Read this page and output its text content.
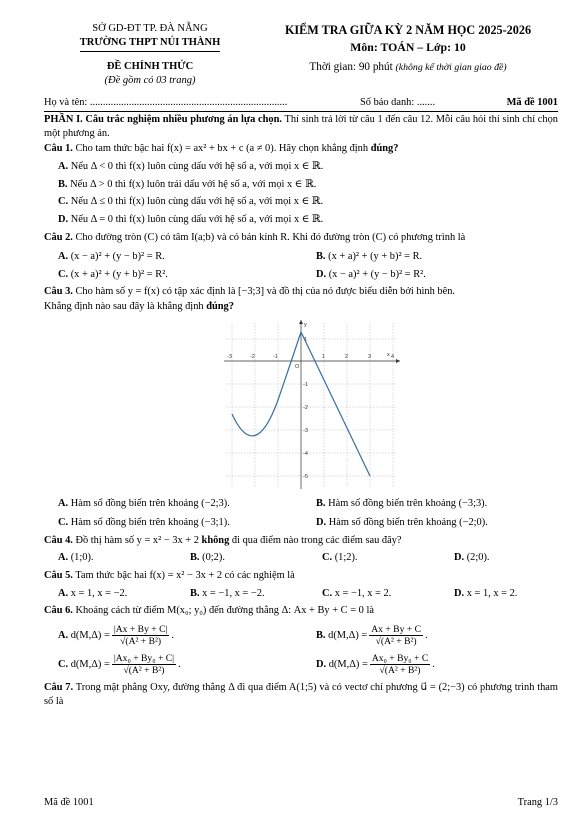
SỞ GD-ĐT TP. ĐÀ NẴNG
TRƯỜNG THPT NÚI THÀNH
ĐỀ CHÍNH THỨC
(Đề gồm có 03 trang)
KIỂM TRA GIỮA KỲ 2 NĂM HỌC 2025-2026
Môn: TOÁN – Lớp: 10
Thời gian: 90 phút (không kể thời gian giao đề)
Họ và tên: ............................................................................	Số báo danh: .......	Mã đề 1001
PHẦN I. Câu trắc nghiệm nhiều phương án lựa chọn. Thí sinh trả lời từ câu 1 đến câu 12. Mỗi câu hỏi thí sinh chỉ chọn một phương án.
Câu 1. Cho tam thức bậc hai f(x) = ax² + bx + c (a ≠ 0). Hãy chọn khẳng định đúng?
A. Nếu Δ < 0 thì f(x) luôn cùng dấu với hệ số a, với mọi x ∈ ℝ.
B. Nếu Δ > 0 thì f(x) luôn trái dấu với hệ số a, với mọi x ∈ ℝ.
C. Nếu Δ ≤ 0 thì f(x) luôn cùng dấu với hệ số a, với mọi x ∈ ℝ.
D. Nếu Δ = 0 thì f(x) luôn cùng dấu với hệ số a, với mọi x ∈ ℝ.
Câu 2. Cho đường tròn (C) có tâm I(a;b) và có bán kính R. Khi đó đường tròn (C) có phương trình là
A. (x − a)² + (y − b)² = R.	B. (x + a)² + (y + b)² = R.
C. (x + a)² + (y + b)² = R².	D. (x − a)² + (y − b)² = R².
Câu 3. Cho hàm số y = f(x) có tập xác định là [−3;3] và đồ thị của nó được biểu diễn bởi hình bên.
Khẳng định nào sau đây là khẳng định đúng?
y
x
O
-3	-2	-1	1	2	3	4
1
-1
-2
-3
-4
-5
A. Hàm số đồng biến trên khoảng (−2;3).	B. Hàm số đồng biến trên khoảng (−3;3).
C. Hàm số đồng biến trên khoảng (−3;1).	D. Hàm số đồng biến trên khoảng (−2;0).
Câu 4. Đồ thị hàm số y = x² − 3x + 2 không đi qua điểm nào trong các điểm sau đây?
A. (1;0).	B. (0;2).	C. (1;2).	D. (2;0).
Câu 5. Tam thức bậc hai f(x) = x² − 3x + 2 có các nghiệm là
A. x = 1, x = −2.	B. x = −1, x = −2.	C. x = −1, x = 2.	D. x = 1, x = 2.
Câu 6. Khoảng cách từ điểm M(x₀; y₀) đến đường thẳng Δ: Ax + By + C = 0 là
A.
$d(M,\Delta) = \frac{|Ax + By + C|}{\text{√(A² + B²)}}$ .	B.
$d(M,\Delta) = \frac{Ax + By + C}{\text{√(A² + B²)}}$ .
C.
$d(M,\Delta) = \frac{\text{|Ax₀ + By₀ + C|}}{\text{√(A² + B²)}}$ .	D.
$d(M,\Delta) = \frac{\text{Ax₀ + By₀ + C}}{\text{√(A² + B²)}}$ .
Câu 7. Trong mặt phẳng Oxy, đường thẳng Δ đi qua điểm A(1;5) và có vectơ chỉ phương u⃗ = (2;−3) có phương trình tham số là
Mã đề 1001	Trang 1/3
